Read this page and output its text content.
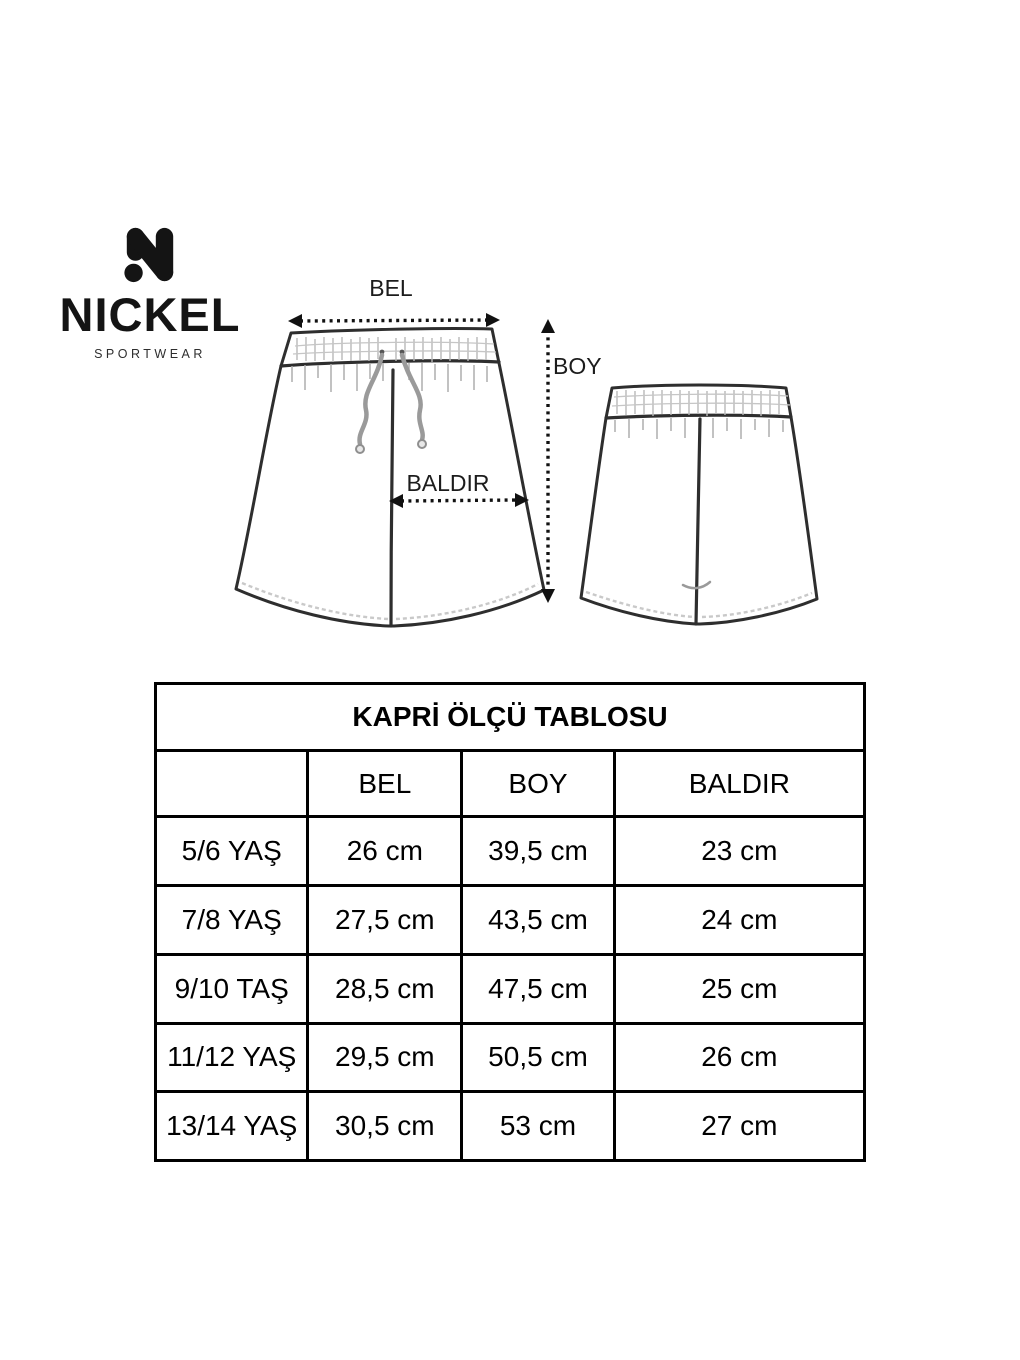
NICKEL
SPORTWEAR
BEL
BOY
BALDIR
KAPRİ ÖLÇÜ TABLOSU			
	BEL	BOY	BALDIR
5/6 YAŞ	26 cm	39,5 cm	23 cm
7/8 YAŞ	27,5 cm	43,5 cm	24 cm
9/10 TAŞ	28,5 cm	47,5 cm	25 cm
11/12 YAŞ	29,5 cm	50,5 cm	26 cm
13/14 YAŞ	30,5 cm	53 cm	27 cm
